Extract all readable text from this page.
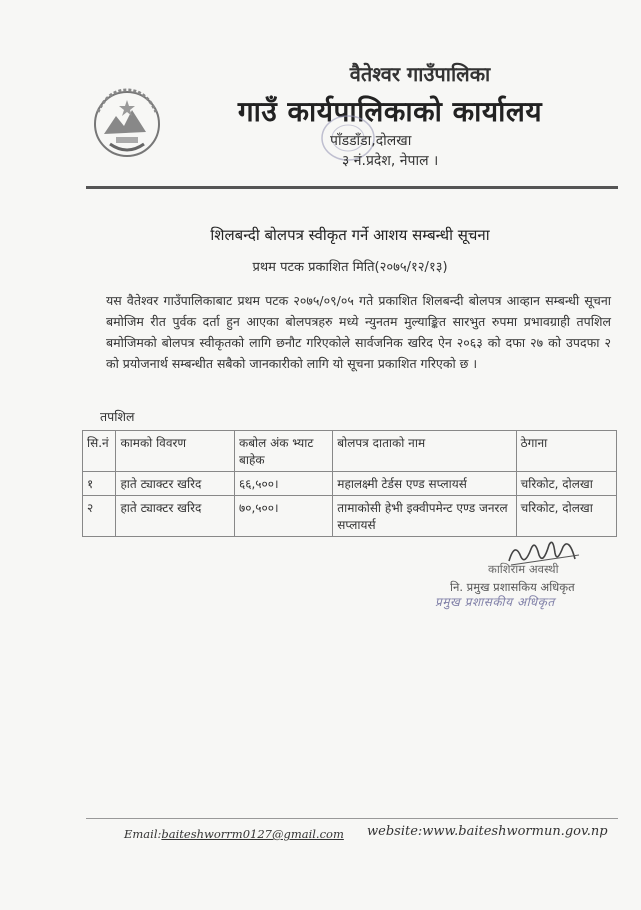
वैतेश्वर गाउँपालिका
गाउँ कार्यपालिकाको कार्यालय
पाँडडाँडा,दोलखा
३ नं.प्रदेश, नेपाल ।
शिलबन्दी बोलपत्र स्वीकृत गर्ने आशय सम्बन्धी सूचना
प्रथम पटक प्रकाशित मिति(२०७५/१२/१३)
यस वैतेश्वर गाउँपालिकाबाट प्रथम पटक २०७५/०९/०५ गते प्रकाशित शिलबन्दी बोलपत्र आव्हान सम्बन्धी सूचना बमोजिम रीत पुर्वक दर्ता हुन आएका बोलपत्रहरु मध्ये न्युनतम मुल्याङ्कित सारभुत रुपमा प्रभावग्राही तपशिल बमोजिमको बोलपत्र स्वीकृतको लागि छनौट गरिएकोले सार्वजनिक खरिद ऐन २०६३ को दफा २७ को उपदफा २ को प्रयोजनार्थ सम्बन्धीत सबैको जानकारीको लागि यो सूचना प्रकाशित गरिएको छ ।
तपशिल
सि.नं	कामको विवरण	कबोल अंक भ्याट बाहेक	बोलपत्र दाताको नाम	ठेगाना
१	हाते ट्याक्टर खरिद	६६,५००।	महालक्ष्मी टेर्डस एण्ड सप्लायर्स	चरिकोट, दोलखा
२	हाते ट्याक्टर खरिद	७०,५००।	तामाकोसी हेभी इक्वीपमेन्ट एण्ड जनरल सप्लायर्स	चरिकोट, दोलखा
काशिराम अवस्थी
नि. प्रमुख प्रशासकिय अधिकृत
प्रमुख प्रशासकीय अधिकृत
Email:baiteshworrm0127@gmail.com website:www.baiteshwormun.gov.np
